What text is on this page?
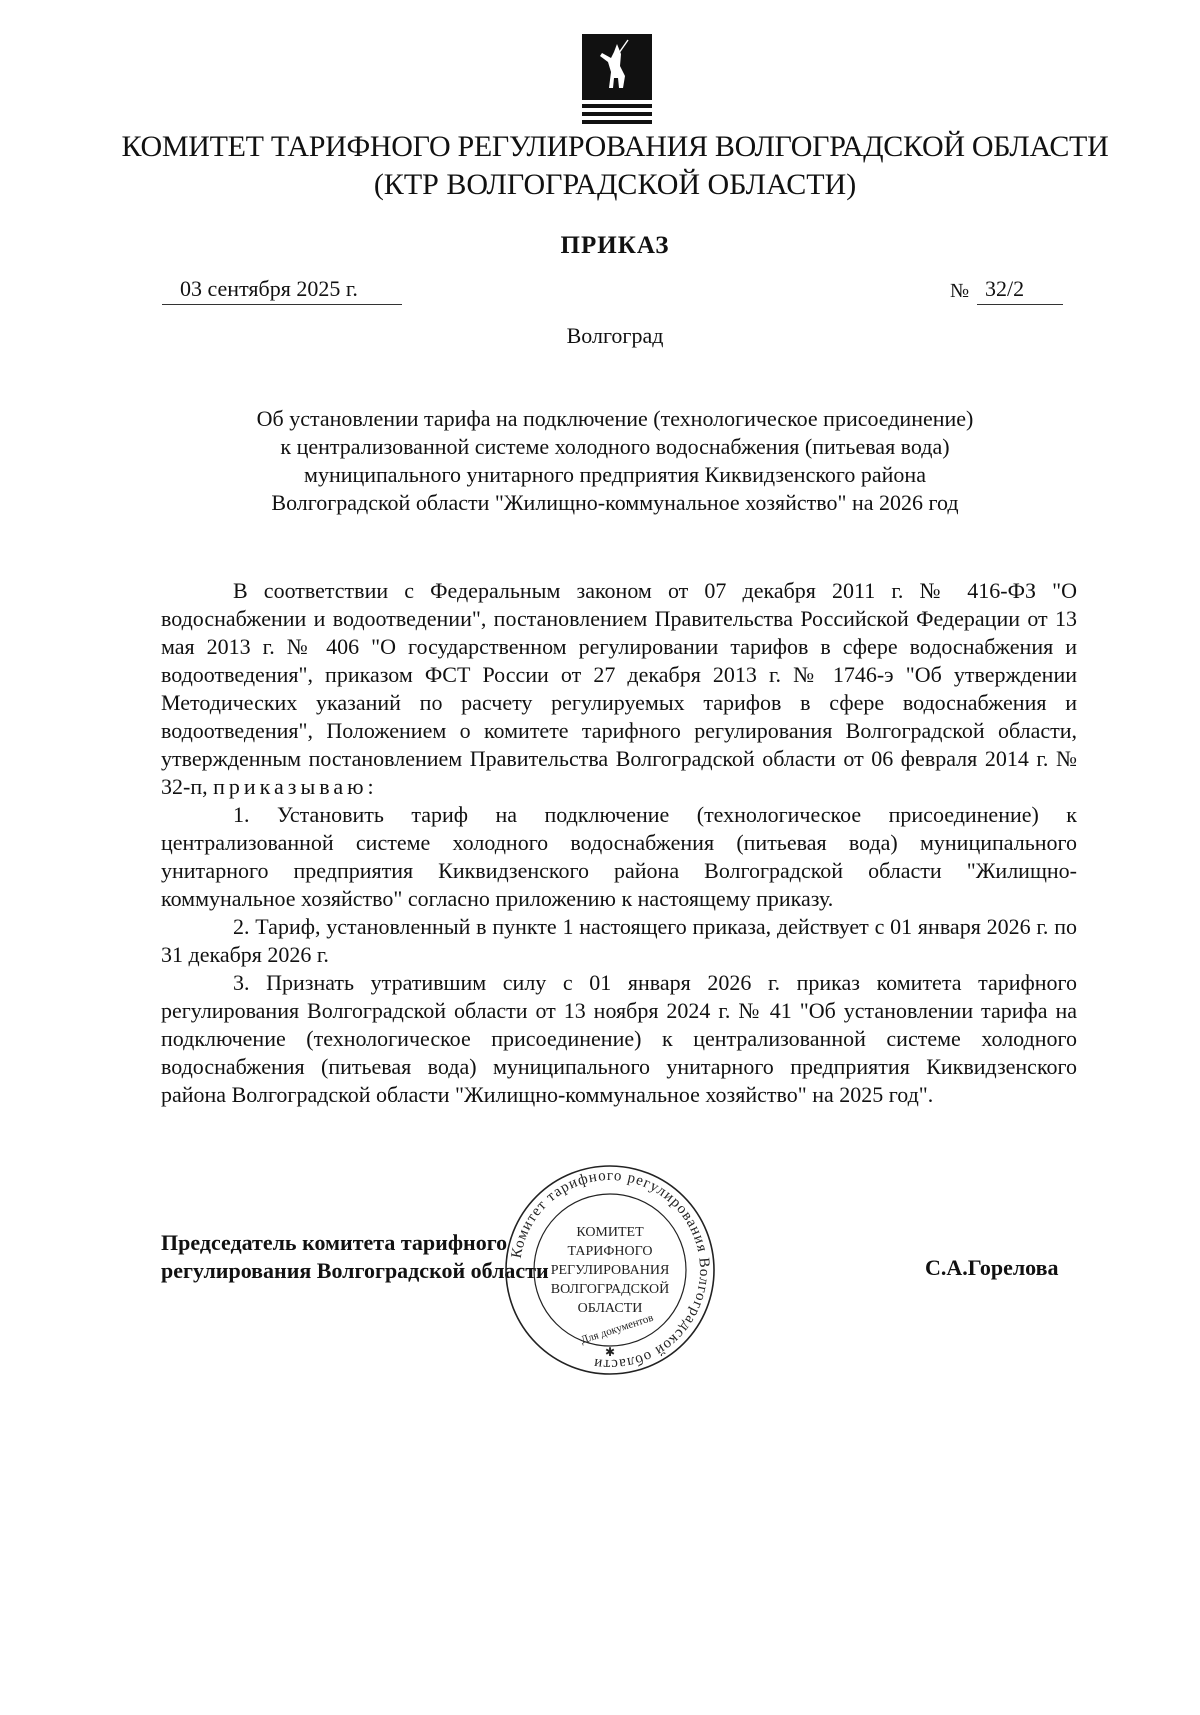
КОМИТЕТ ТАРИФНОГО РЕГУЛИРОВАНИЯ ВОЛГОГРАДСКОЙ ОБЛАСТИ
(КТР ВОЛГОГРАДСКОЙ ОБЛАСТИ)
ПРИКАЗ
03 сентября 2025 г.	№ 32/2
Волгоград
Об установлении тарифа на подключение (технологическое присоединение)
к централизованной системе холодного водоснабжения (питьевая вода)
муниципального унитарного предприятия Киквидзенского района
Волгоградской области "Жилищно-коммунальное хозяйство" на 2026 год

В соответствии с Федеральным законом от 07 декабря 2011 г. № 416-ФЗ "О водоснабжении и водоотведении", постановлением Правительства Российской Федерации от 13 мая 2013 г. № 406 "О государственном регулировании тарифов в сфере водоснабжения и водоотведения", приказом ФСТ России от 27 декабря 2013 г. № 1746-э "Об утверждении Методических указаний по расчету регулируемых тарифов в сфере водоснабжения и водоотведения", Положением о комитете тарифного регулирования Волгоградской области, утвержденным постановлением Правительства Волгоградской области от 06 февраля 2014 г. № 32-п, приказываю:

1. Установить тариф на подключение (технологическое присоединение) к централизованной системе холодного водоснабжения (питьевая вода) муниципального унитарного предприятия Киквидзенского района Волгоградской области "Жилищно-коммунальное хозяйство" согласно приложению к настоящему приказу.

2. Тариф, установленный в пункте 1 настоящего приказа, действует с 01 января 2026 г. по 31 декабря 2026 г.

3. Признать утратившим силу с 01 января 2026 г. приказ комитета тарифного регулирования Волгоградской области от 13 ноября 2024 г. № 41 "Об установлении тарифа на подключение (технологическое присоединение) к централизованной системе холодного водоснабжения (питьевая вода) муниципального унитарного предприятия Киквидзенского района Волгоградской области "Жилищно-коммунальное хозяйство" на 2025 год".

Председатель комитета тарифного
регулирования Волгоградской области	С.А.Горелова
Комитет тарифного регулирования Волгоградской области
КОМИТЕТ
ТАРИФНОГО
РЕГУЛИРОВАНИЯ
ВОЛГОГРАДСКОЙ
ОБЛАСТИ
Для документов
✱
